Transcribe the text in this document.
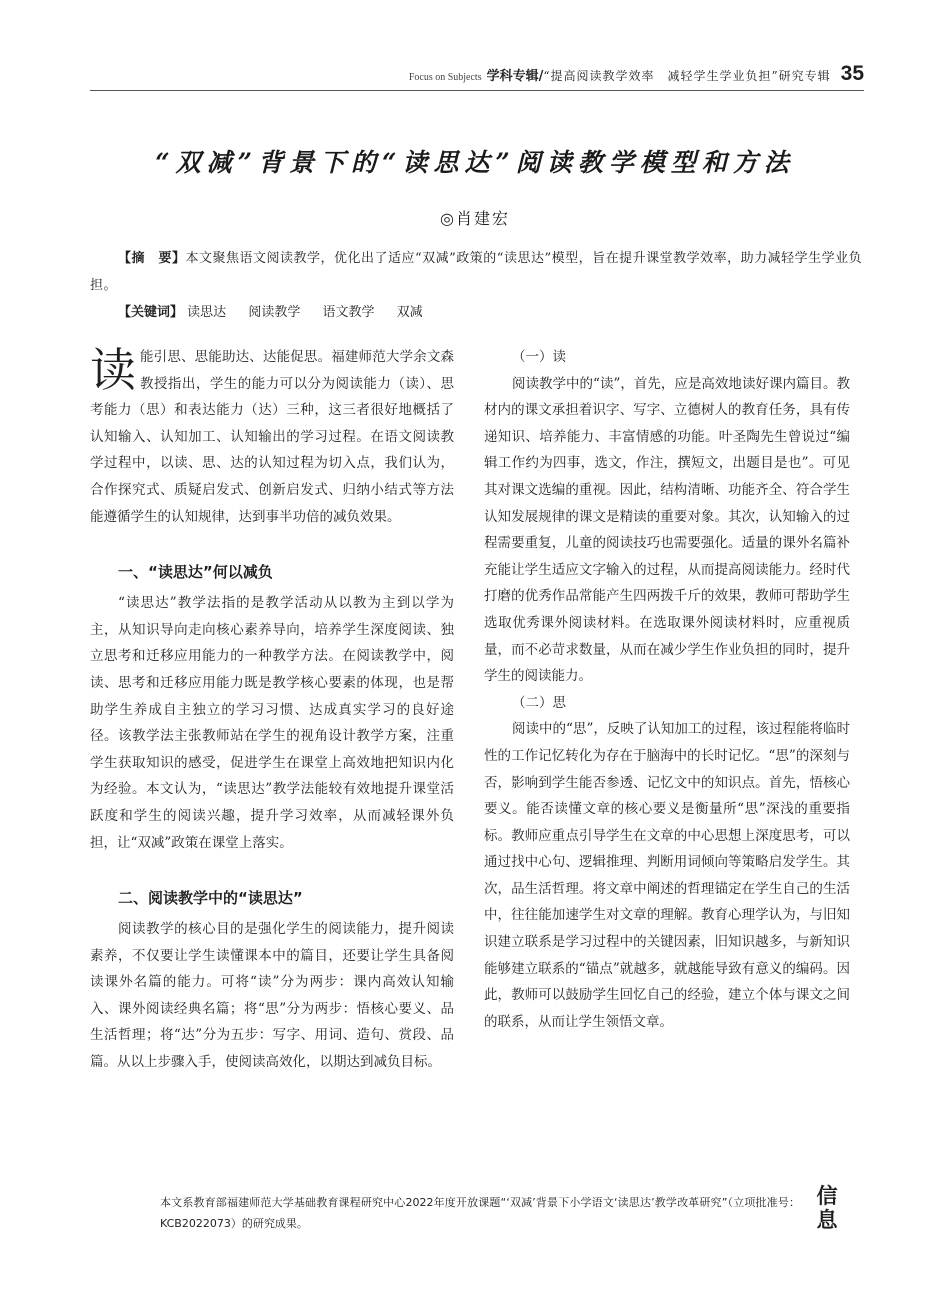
Focus on Subjects 学科专辑/ “提高阅读教学效率　减轻学生学业负担”研究专辑 35
“双减”背景下的“读思达”阅读教学模型和方法
◎肖建宏
【摘　要】本文聚焦语文阅读教学，优化出了适应“双减”政策的“读思达”模型，旨在提升课堂教学效率，助力减轻学生学业负担。
【关键词】 读思达 阅读教学 语文教学 双减

读能引思、思能助达、达能促思。福建师范大学余文森教授指出，学生的能力可以分为阅读能力（读）、思考能力（思）和表达能力（达）三种，这三者很好地概括了认知输入、认知加工、认知输出的学习过程。在语文阅读教学过程中，以读、思、达的认知过程为切入点，我们认为，合作探究式、质疑启发式、创新启发式、归纳小结式等方法能遵循学生的认知规律，达到事半功倍的减负效果。

一、“读思达”何以减负

“读思达”教学法指的是教学活动从以教为主到以学为主，从知识导向走向核心素养导向，培养学生深度阅读、独立思考和迁移应用能力的一种教学方法。在阅读教学中，阅读、思考和迁移应用能力既是教学核心要素的体现，也是帮助学生养成自主独立的学习习惯、达成真实学习的良好途径。该教学法主张教师站在学生的视角设计教学方案，注重学生获取知识的感受，促进学生在课堂上高效地把知识内化为经验。本文认为，“读思达”教学法能较有效地提升课堂活跃度和学生的阅读兴趣，提升学习效率，从而减轻课外负担，让“双减”政策在课堂上落实。

二、阅读教学中的“读思达”

阅读教学的核心目的是强化学生的阅读能力，提升阅读素养，不仅要让学生读懂课本中的篇目，还要让学生具备阅读课外名篇的能力。可将“读”分为两步：课内高效认知输入、课外阅读经典名篇；将“思”分为两步：悟核心要义、品生活哲理；将“达”分为五步：写字、用词、造句、赏段、品篇。从以上步骤入手，使阅读高效化，以期达到减负目标。

（一）读

阅读教学中的“读”，首先，应是高效地读好课内篇目。教材内的课文承担着识字、写字、立德树人的教育任务，具有传递知识、培养能力、丰富情感的功能。叶圣陶先生曾说过“编辑工作约为四事，选文，作注，撰短文，出题目是也”。可见其对课文选编的重视。因此，结构清晰、功能齐全、符合学生认知发展规律的课文是精读的重要对象。其次，认知输入的过程需要重复，儿童的阅读技巧也需要强化。适量的课外名篇补充能让学生适应文字输入的过程，从而提高阅读能力。经时代打磨的优秀作品常能产生四两拨千斤的效果，教师可帮助学生选取优秀课外阅读材料。在选取课外阅读材料时，应重视质量，而不必苛求数量，从而在减少学生作业负担的同时，提升学生的阅读能力。

（二）思

阅读中的“思”，反映了认知加工的过程，该过程能将临时性的工作记忆转化为存在于脑海中的长时记忆。“思”的深刻与否，影响到学生能否参透、记忆文中的知识点。首先，悟核心要义。能否读懂文章的核心要义是衡量所“思”深浅的重要指标。教师应重点引导学生在文章的中心思想上深度思考，可以通过找中心句、逻辑推理、判断用词倾向等策略启发学生。其次，品生活哲理。将文章中阐述的哲理锚定在学生自己的生活中，往往能加速学生对文章的理解。教育心理学认为，与旧知识建立联系是学习过程中的关键因素，旧知识越多，与新知识能够建立联系的“锚点”就越多，就越能导致有意义的编码。因此，教师可以鼓励学生回忆自己的经验，建立个体与课文之间的联系，从而让学生领悟文章。

本文系教育部福建师范大学基础教育课程研究中心2022年度开放课题“‘双减’背景下小学语文‘读思达’教学改革研究”（立项批准号：KCB2022073）的研究成果。
信息
